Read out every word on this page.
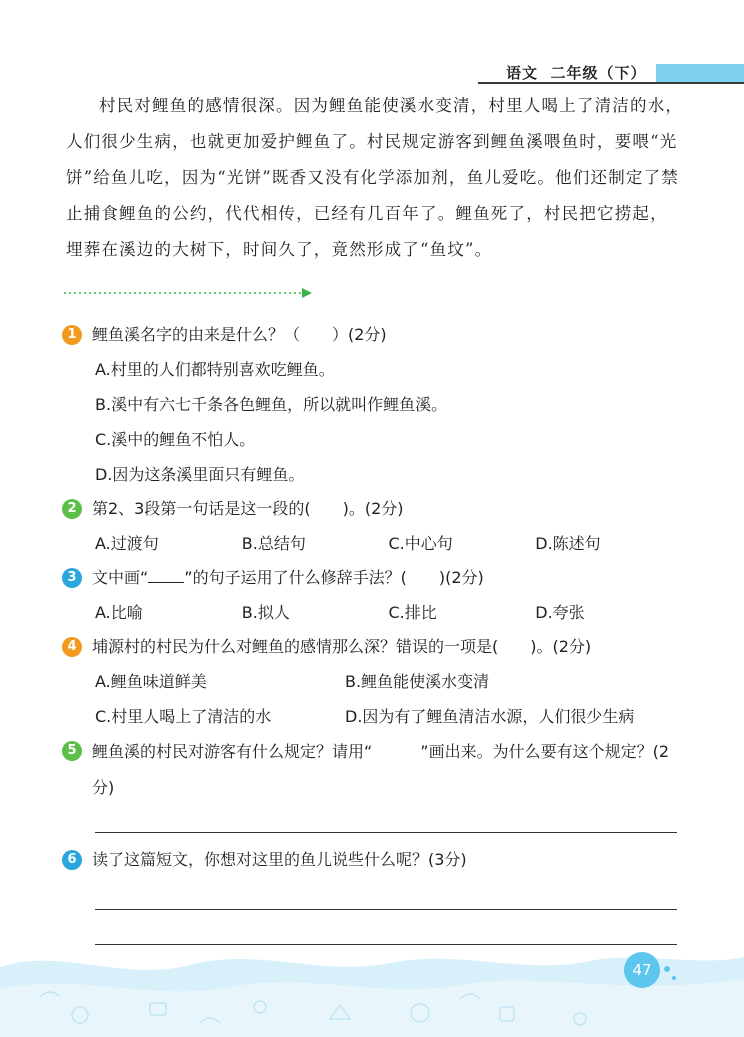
语文 二年级（下）

村民对鲤鱼的感情很深。因为鲤鱼能使溪水变清，村里人喝上了清洁的水，人们很少生病，也就更加爱护鲤鱼了。村民规定游客到鲤鱼溪喂鱼时，要喂“光饼”给鱼儿吃，因为“光饼”既香又没有化学添加剂，鱼儿爱吃。他们还制定了禁止捕食鲤鱼的公约，代代相传，已经有几百年了。鲤鱼死了，村民把它捞起，埋葬在溪边的大树下，时间久了，竟然形成了“鱼坟”。

1 鲤鱼溪名字的由来是什么？（　　）(2分)
A.村里的人们都特别喜欢吃鲤鱼。
B.溪中有六七千条各色鲤鱼，所以就叫作鲤鱼溪。
C.溪中的鲤鱼不怕人。
D.因为这条溪里面只有鲤鱼。
2 第2、3段第一句话是这一段的(　　)。(2分)
A.过渡句	B.总结句	C.中心句	D.陈述句
3 文中画“ ”的句子运用了什么修辞手法？(　　)(2分)
A.比喻	B.拟人	C.排比	D.夸张
4 埔源村的村民为什么对鲤鱼的感情那么深？错误的一项是(　　)。(2分)
A.鲤鱼味道鲜美	B.鲤鱼能使溪水变清
C.村里人喝上了清洁的水	D.因为有了鲤鱼清洁水源，人们很少生病
5 鲤鱼溪的村民对游客有什么规定？请用“　　　”画出来。为什么要有这个规定？(2分)
6 读了这篇短文，你想对这里的鱼儿说些什么呢？(3分)
47
